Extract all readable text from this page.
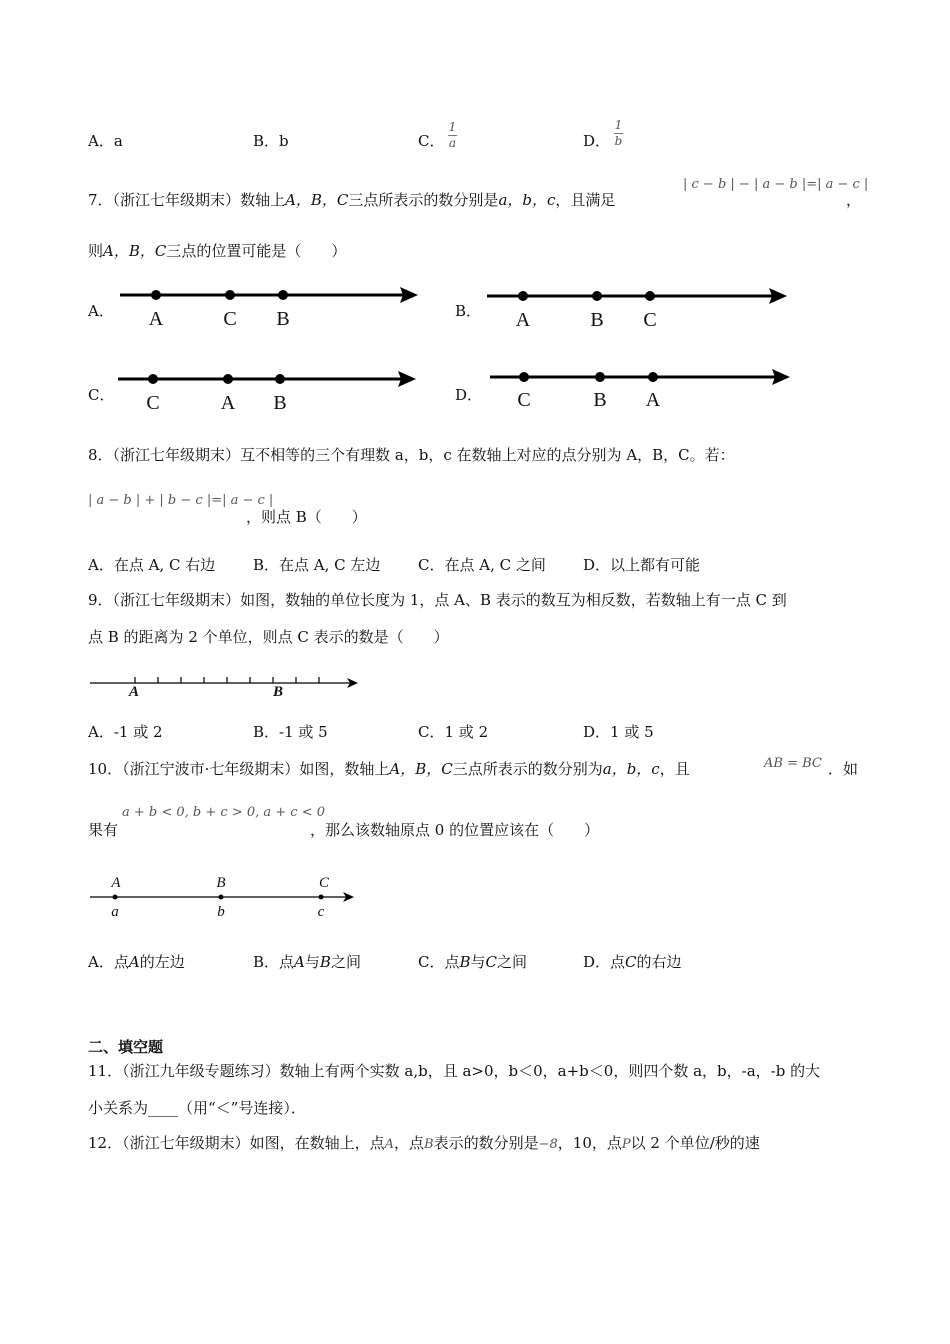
A．a	B．b	C．
1
a	D．
1
b
7．（浙江七年级期末）数轴上A，B，C三点所表示的数分别是a，b，c，且满足
| c − b | − | a − b |=| a − c |
，
则A，B，C三点的位置可能是（　　）
A． A	C B	B． A	B C
C． C	A B	D． C	B A
8．（浙江七年级期末）互不相等的三个有理数 a，b，c 在数轴上对应的点分别为 A，B，C。若：
| a − b | + | b − c |=| a − c |
，则点 B（　　）
A．在点 A, C 右边	B．在点 A, C 左边	C．在点 A, C 之间 D．以上都有可能
9．（浙江七年级期末）如图，数轴的单位长度为 1，点 A、B 表示的数互为相反数，若数轴上有一点 C 到
点 B 的距离为 2 个单位，则点 C 表示的数是（　　）
A	B
A．-1 或 2	B．-1 或 5	C．1 或 2	D．1 或 5
10．（浙江宁波市·七年级期末）如图，数轴上A，B，C三点所表示的数分别为a，b，c，且	AB = BC ．如
果有
a + b < 0, b + c > 0, a + c < 0
，那么该数轴原点 0 的位置应该在（　　）
A	B	C
a	b	c
A．点A的左边	B．点A与B之间	C．点B与C之间	D．点C的右边
二、填空题
11．（浙江九年级专题练习）数轴上有两个实数 a,b，且 a>0，b＜0，a+b＜0，则四个数 a，b，-a，-b 的大
小关系为____（用“＜”号连接）．
12．（浙江七年级期末）如图，在数轴上，点A，点B表示的数分别是−8，10，点P以 2 个单位/秒的速
